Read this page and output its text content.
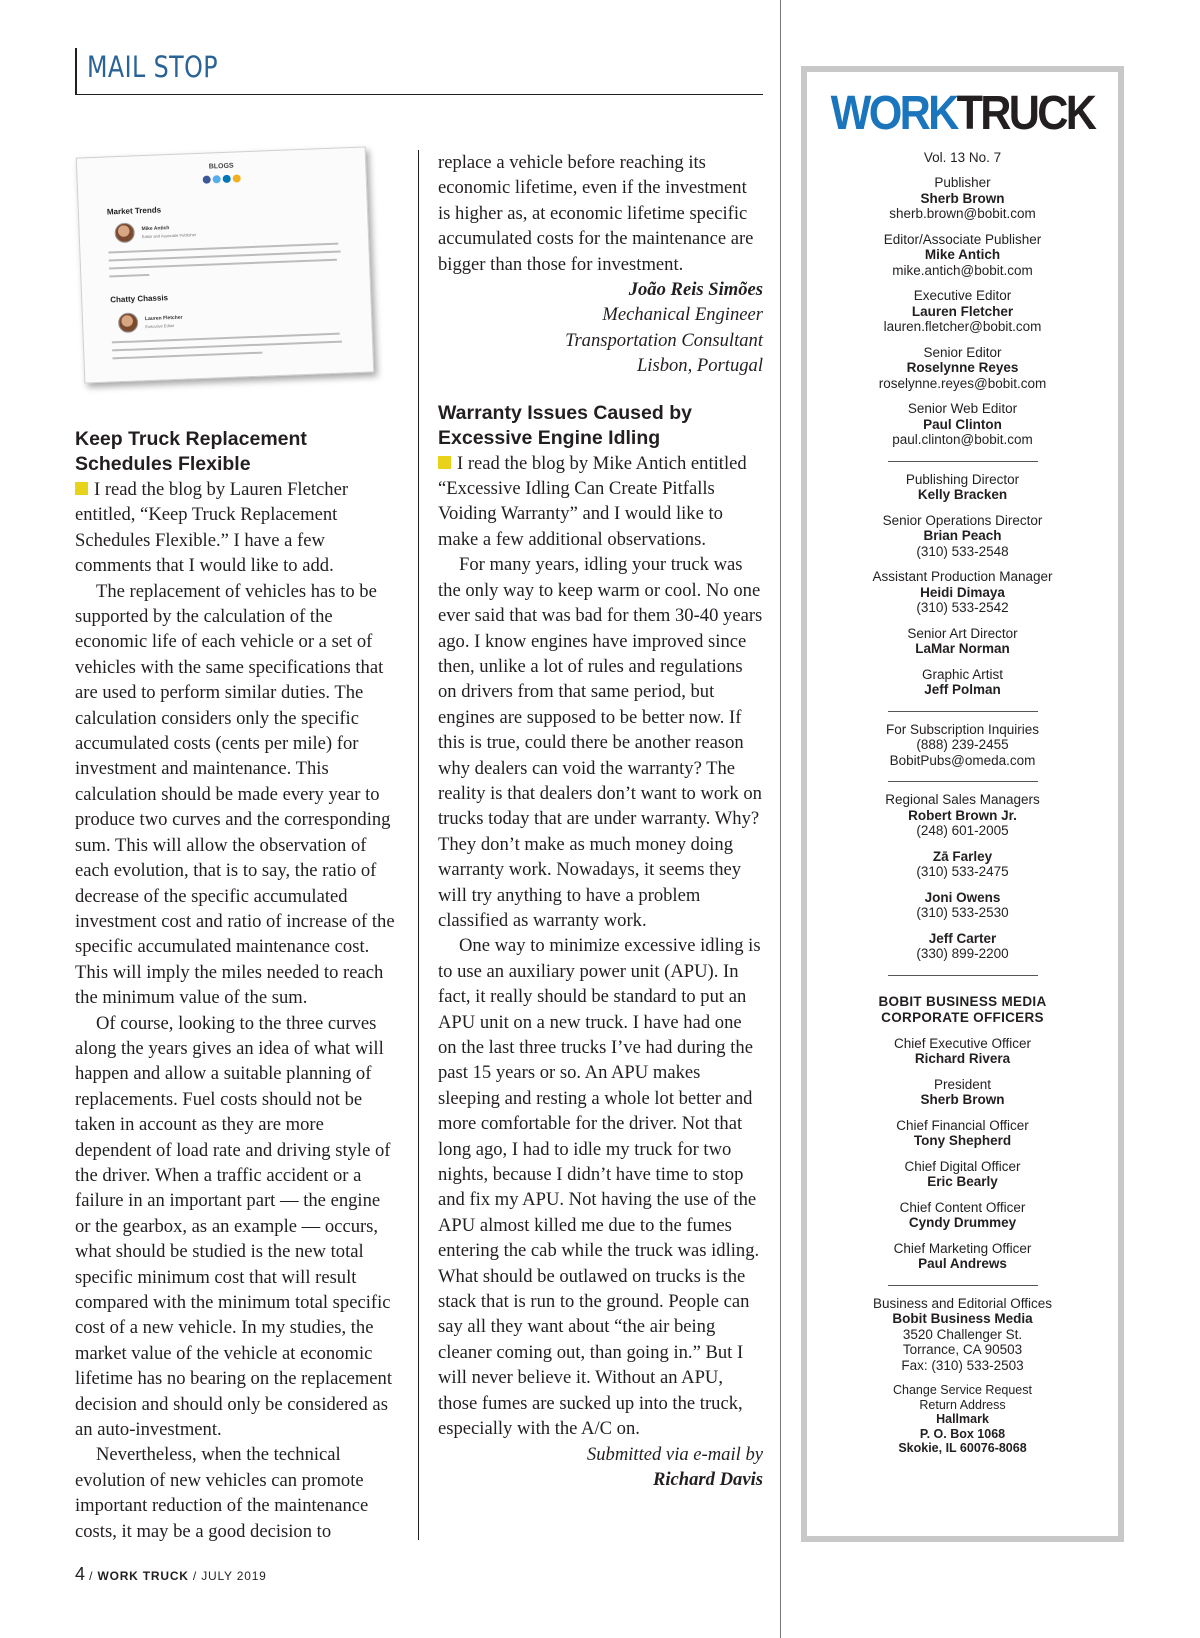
MAIL STOP
BLOGS
Market Trends
Mike Antich
Editor and Associate Publisher
Chatty Chassis
Lauren Fletcher
Executive Editor
Keep Truck Replacement Schedules Flexible

I read the blog by Lauren Fletcher entitled, “Keep Truck Replacement Schedules Flexible.” I have a few comments that I would like to add.

The replacement of vehicles has to be supported by the calculation of the economic life of each vehicle or a set of vehicles with the same specifications that are used to perform similar duties. The calculation considers only the specific accumulated costs (cents per mile) for investment and maintenance. This calculation should be made every year to produce two curves and the corresponding sum. This will allow the observation of each evolution, that is to say, the ratio of decrease of the specific accumulated investment cost and ratio of increase of the specific accumulated maintenance cost. This will imply the miles needed to reach the minimum value of the sum.

Of course, looking to the three curves along the years gives an idea of what will happen and allow a suitable planning of replacements. Fuel costs should not be taken in account as they are more dependent of load rate and driving style of the driver. When a traffic accident or a failure in an important part — the engine or the gearbox, as an example — occurs, what should be studied is the new total specific minimum cost that will result compared with the minimum total specific cost of a new vehicle. In my studies, the market value of the vehicle at economic lifetime has no bearing on the replacement decision and should only be considered as an auto-investment.

Nevertheless, when the technical evolution of new vehicles can promote important reduction of the maintenance costs, it may be a good decision to

replace a vehicle before reaching its economic lifetime, even if the investment is higher as, at economic lifetime specific accumulated costs for the maintenance are bigger than those for investment.

João Reis Simões
Mechanical Engineer
Transportation Consultant
Lisbon, Portugal
Warranty Issues Caused by Excessive Engine Idling

I read the blog by Mike Antich entitled “Excessive Idling Can Create Pitfalls Voiding Warranty” and I would like to make a few additional observations.

For many years, idling your truck was the only way to keep warm or cool. No one ever said that was bad for them 30-40 years ago. I know engines have improved since then, unlike a lot of rules and regulations on drivers from that same period, but engines are supposed to be better now. If this is true, could there be another reason why dealers can void the warranty? The reality is that dealers don’t want to work on trucks today that are under warranty. Why? They don’t make as much money doing warranty work. Nowadays, it seems they will try anything to have a problem classified as warranty work.

One way to minimize excessive idling is to use an auxiliary power unit (APU). In fact, it really should be standard to put an APU unit on a new truck. I have had one on the last three trucks I’ve had during the past 15 years or so. An APU makes sleeping and resting a whole lot better and more comfortable for the driver. Not that long ago, I had to idle my truck for two nights, because I didn’t have time to stop and fix my APU. Not having the use of the APU almost killed me due to the fumes entering the cab while the truck was idling. What should be outlawed on trucks is the stack that is run to the ground. People can say all they want about “the air being cleaner coming out, than going in.” But I will never believe it. Without an APU, those fumes are sucked up into the truck, especially with the A/C on.

Submitted via e-mail by
Richard Davis
WORKTRUCK
Vol. 13 No. 7
Publisher
Sherb Brown
sherb.brown@bobit.com
Editor/Associate Publisher
Mike Antich
mike.antich@bobit.com
Executive Editor
Lauren Fletcher
lauren.fletcher@bobit.com
Senior Editor
Roselynne Reyes
roselynne.reyes@bobit.com
Senior Web Editor
Paul Clinton
paul.clinton@bobit.com
Publishing Director
Kelly Bracken
Senior Operations Director
Brian Peach
(310) 533-2548
Assistant Production Manager
Heidi Dimaya
(310) 533-2542
Senior Art Director
LaMar Norman
Graphic Artist
Jeff Polman
For Subscription Inquiries
(888) 239-2455
BobitPubs@omeda.com
Regional Sales Managers
Robert Brown Jr.
(248) 601-2005
Zā Farley
(310) 533-2475
Joni Owens
(310) 533-2530
Jeff Carter
(330) 899-2200
BOBIT BUSINESS MEDIA
CORPORATE OFFICERS
Chief Executive Officer
Richard Rivera
President
Sherb Brown
Chief Financial Officer
Tony Shepherd
Chief Digital Officer
Eric Bearly
Chief Content Officer
Cyndy Drummey
Chief Marketing Officer
Paul Andrews
Business and Editorial Offices
Bobit Business Media
3520 Challenger St.
Torrance, CA 90503
Fax: (310) 533-2503
Change Service Request
Return Address
Hallmark
P. O. Box 1068
Skokie, IL 60076-8068
4 / WORK TRUCK / JULY 2019
